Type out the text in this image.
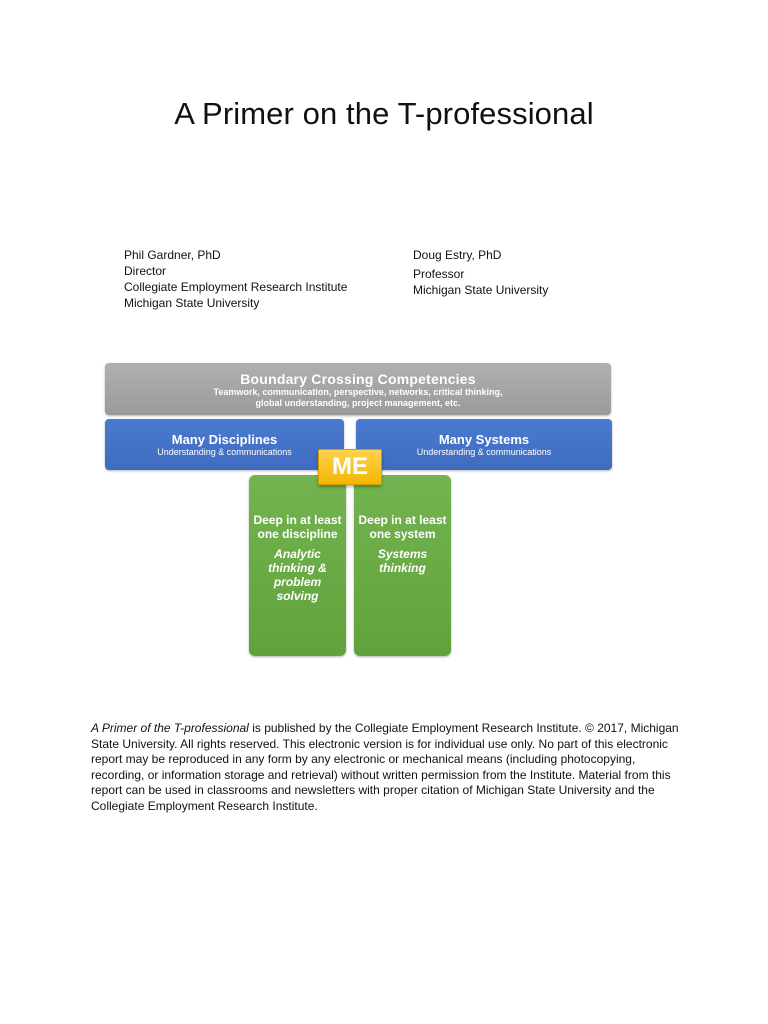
A Primer on the T-professional
Phil Gardner, PhD
Director
Collegiate Employment Research Institute
Michigan State University
Doug Estry, PhD
Professor
Michigan State University
Boundary Crossing Competencies
Teamwork, communication, perspective, networks, critical thinking,
global understanding, project management, etc.
Many Disciplines
Understanding & communications
Many Systems
Understanding & communications
Deep in at least one discipline
Analytic thinking & problem solving
Deep in at least one system
Systems thinking
ME
A Primer of the T-professional is published by the Collegiate Employment Research Institute. © 2017, Michigan State University. All rights reserved. This electronic version is for individual use only. No part of this electronic report may be reproduced in any form by any electronic or mechanical means (including photocopying, recording, or information storage and retrieval) without written permission from the Institute. Material from this report can be used in classrooms and newsletters with proper citation of Michigan State University and the Collegiate Employment Research Institute.
